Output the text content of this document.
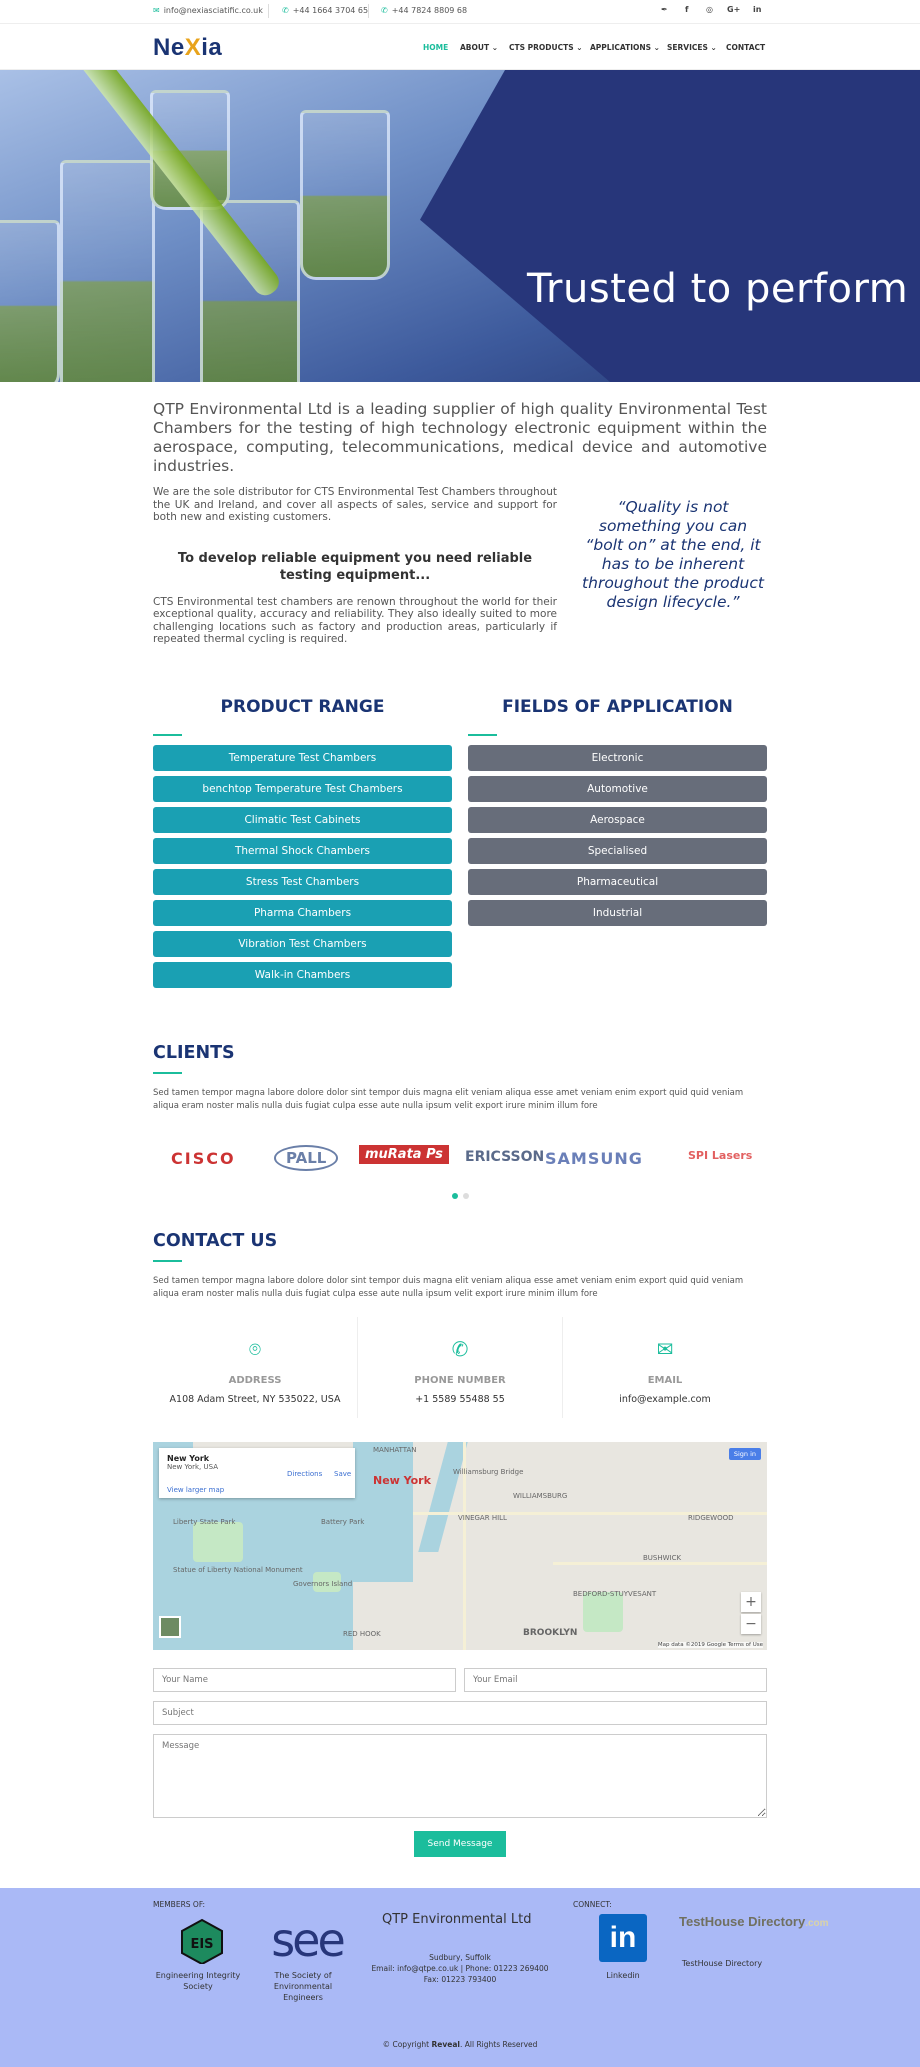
✉ info@nexiasciatific.co.uk ✆ +44 1664 3704 65 ✆ +44 7824 8809 68	✒ f ◎ G+ in
NeXia	HOME ABOUT ⌄ CTS PRODUCTS ⌄ APPLICATIONS ⌄ SERVICES ⌄ CONTACT
Trusted to perform

QTP Environmental Ltd is a leading supplier of high quality Environmental Test Chambers for the testing of high technology electronic equipment within the aerospace, computing, telecommunications, medical device and automotive industries.

We are the sole distributor for CTS Environmental Test Chambers throughout the UK and Ireland, and cover all aspects of sales, service and support for both new and existing customers.

To develop reliable equipment you need reliable testing equipment...

CTS Environmental test chambers are renown throughout the world for their exceptional quality, accuracy and reliability. They also ideally suited to more challenging locations such as factory and production areas, particularly if repeated thermal cycling is required.

“Quality is not something you can “bolt on” at the end, it has to be inherent throughout the product design lifecycle.”

PRODUCT RANGE
Temperature Test Chambers
benchtop Temperature Test Chambers
Climatic Test Cabinets
Thermal Shock Chambers
Stress Test Chambers
Pharma Chambers
Vibration Test Chambers
Walk-in Chambers
FIELDS OF APPLICATION
Electronic
Automotive
Aerospace
Specialised
Pharmaceutical
Industrial
CLIENTS

Sed tamen tempor magna labore dolore dolor sint tempor duis magna elit veniam aliqua esse amet veniam enim export quid quid veniam aliqua eram noster malis nulla duis fugiat culpa esse aute nulla ipsum velit export irure minim illum fore

CISCO	PALL	muRata Ps	ERICSSON SAMSUNG	SPI Lasers
CONTACT US

Sed tamen tempor magna labore dolore dolor sint tempor duis magna elit veniam aliqua esse amet veniam enim export quid quid veniam aliqua eram noster malis nulla duis fugiat culpa esse aute nulla ipsum velit export irure minim illum fore

⌾
ADDRESS
A108 Adam Street, NY 535022, USA
✆
PHONE NUMBER
+1 5589 55488 55
✉
EMAIL
info@example.com
New York
MANHATTAN
Williamsburg Bridge
WILLIAMSBURG
BROOKLYN
Liberty State Park
Statue of Liberty National Monument
Governors Island
RED HOOK
BUSHWICK
RIDGEWOOD
BEDFORD-STUYVESANT
VINEGAR HILL
Battery Park
New York
New York, USA
Directions Save
View larger map
Sign in
+
−
Map data ©2019 Google Terms of Use
Your Name
Your Email
Subject Message
Send Message
MEMBERS OF:
EIS
Engineering Integrity Society
see
The Society of Environmental Engineers
QTP Environmental Ltd
Sudbury, Suffolk
Email: info@qtpe.co.uk | Phone: 01223 269400
Fax: 01223 793400
CONNECT:
in
Linkedin
TestHouse Directory.com
TestHouse Directory
© Copyright Reveal. All Rights Reserved
